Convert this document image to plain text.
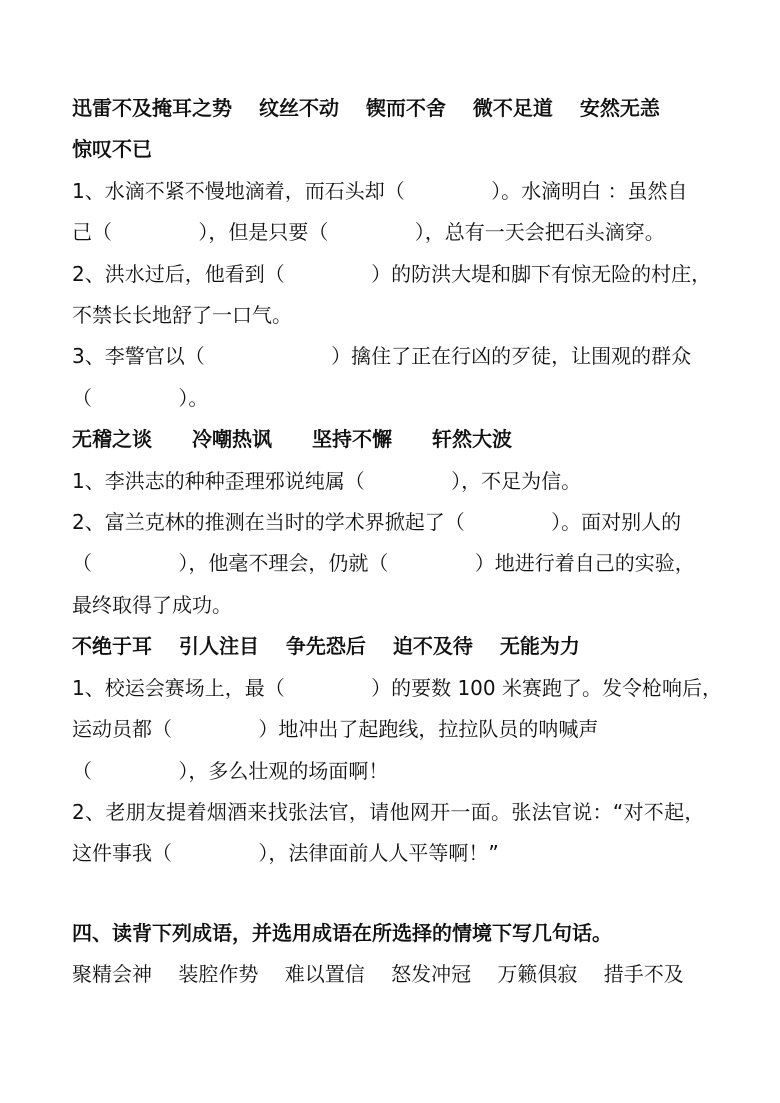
迅雷不及掩耳之势　 纹丝不动　 锲而不舍　 微不足道　 安然无恙
惊叹不已
1、水滴不紧不慢地滴着，而石头却（　　　　 ）。水滴明白 ：虽然自
己（　　　　 ），但是只要（　　　　 ），总有一天会把石头滴穿。
2、洪水过后，他看到（　　　　 ）的防洪大堤和脚下有惊无险的村庄，
不禁长长地舒了一口气。
3、李警官以（　　　　　　 ）擒住了正在行凶的歹徒，让围观的群众
（　　　　 ）。
无稽之谈　　冷嘲热讽　　坚持不懈　　轩然大波
1、李洪志的种种歪理邪说纯属（　　　　 ），不足为信。
2、富兰克林的推测在当时的学术界掀起了（　　　　 ）。面对别人的
（　　　　 ），他毫不理会，仍就（　　　　 ）地进行着自己的实验，
最终取得了成功。
不绝于耳　 引人注目　 争先恐后　 迫不及待　 无能为力
1、校运会赛场上，最（　　　　 ）的要数 100 米赛跑了。发令枪响后，
运动员都（　　　　 ）地冲出了起跑线，拉拉队员的呐喊声
（　　　　 ），多么壮观的场面啊！
2、老朋友提着烟酒来找张法官，请他网开一面。张法官说：“对不起，
这件事我（　　　　 ），法律面前人人平等啊！”
四、读背下列成语，并选用成语在所选择的情境下写几句话。
聚精会神　 装腔作势　 难以置信　 怒发冲冠　 万籁俱寂　 措手不及
